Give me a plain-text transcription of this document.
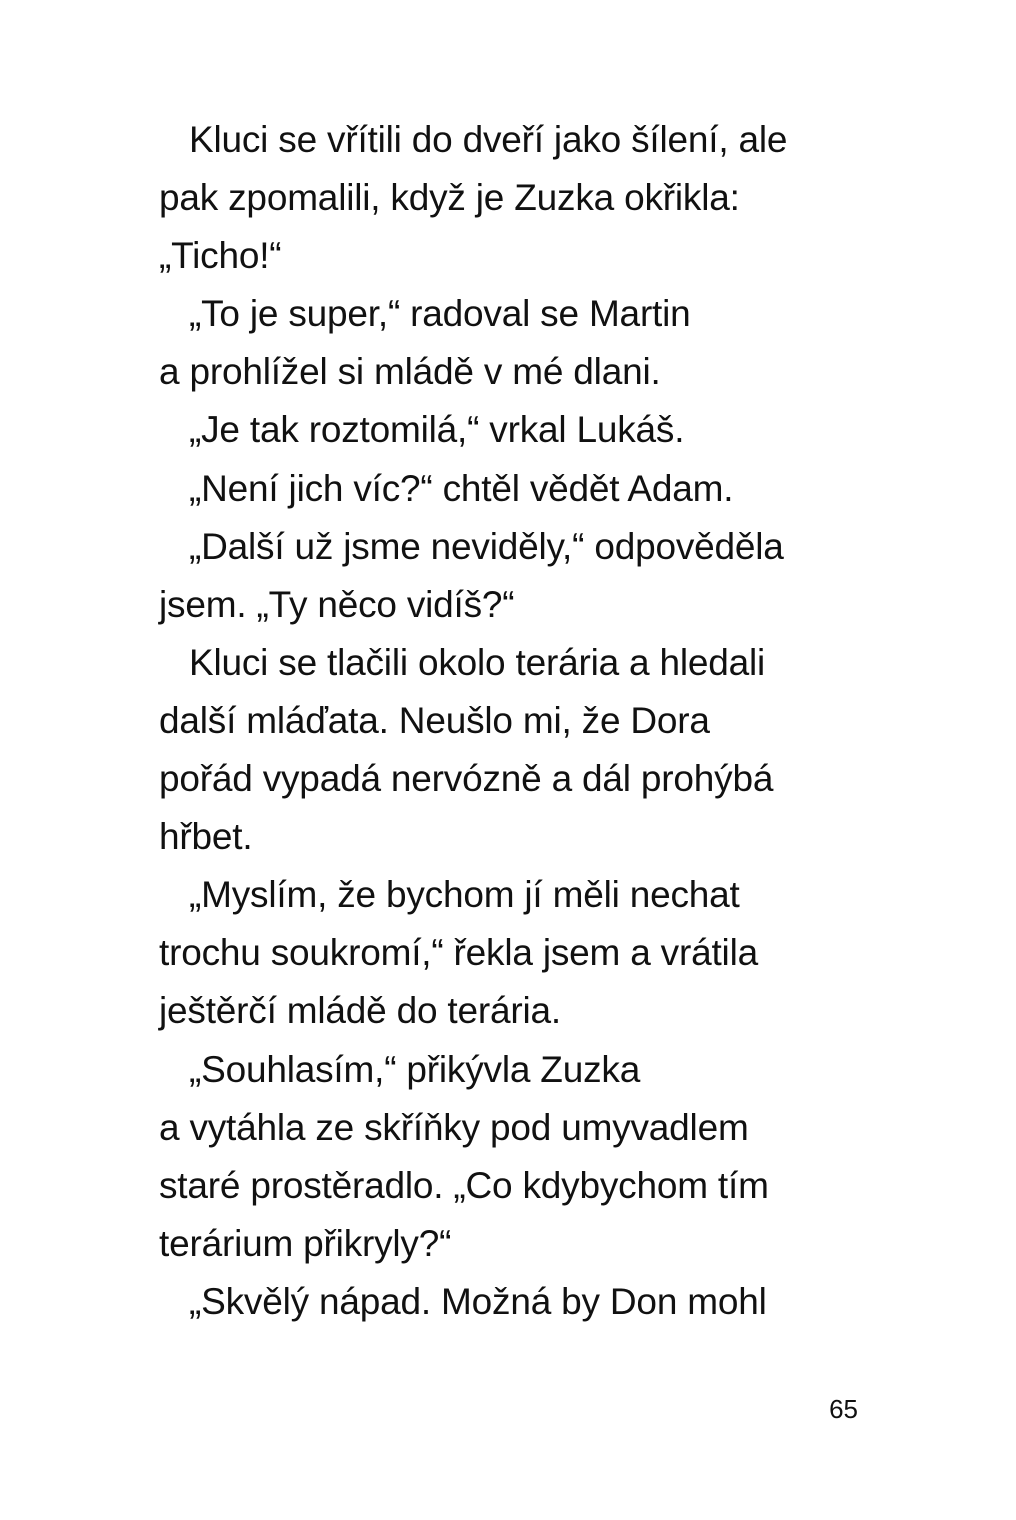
Kluci se vřítili do dveří jako šílení, ale
pak zpomalili, když je Zuzka okřikla:
„Ticho!“
„To je super,“ radoval se Martin
a prohlížel si mládě v mé dlani.
„Je tak roztomilá,“ vrkal Lukáš.
„Není jich víc?“ chtěl vědět Adam.
„Další už jsme neviděly,“ odpověděla
jsem. „Ty něco vidíš?“
Kluci se tlačili okolo terária a hledali
další mláďata. Neušlo mi, že Dora
pořád vypadá nervózně a dál prohýbá
hřbet.
„Myslím, že bychom jí měli nechat
trochu soukromí,“ řekla jsem a vrátila
ještěrčí mládě do terária.
„Souhlasím,“ přikývla Zuzka
a vytáhla ze skříňky pod umyvadlem
staré prostěradlo. „Co kdybychom tím
terárium přikryly?“
„Skvělý nápad. Možná by Don mohl
65
